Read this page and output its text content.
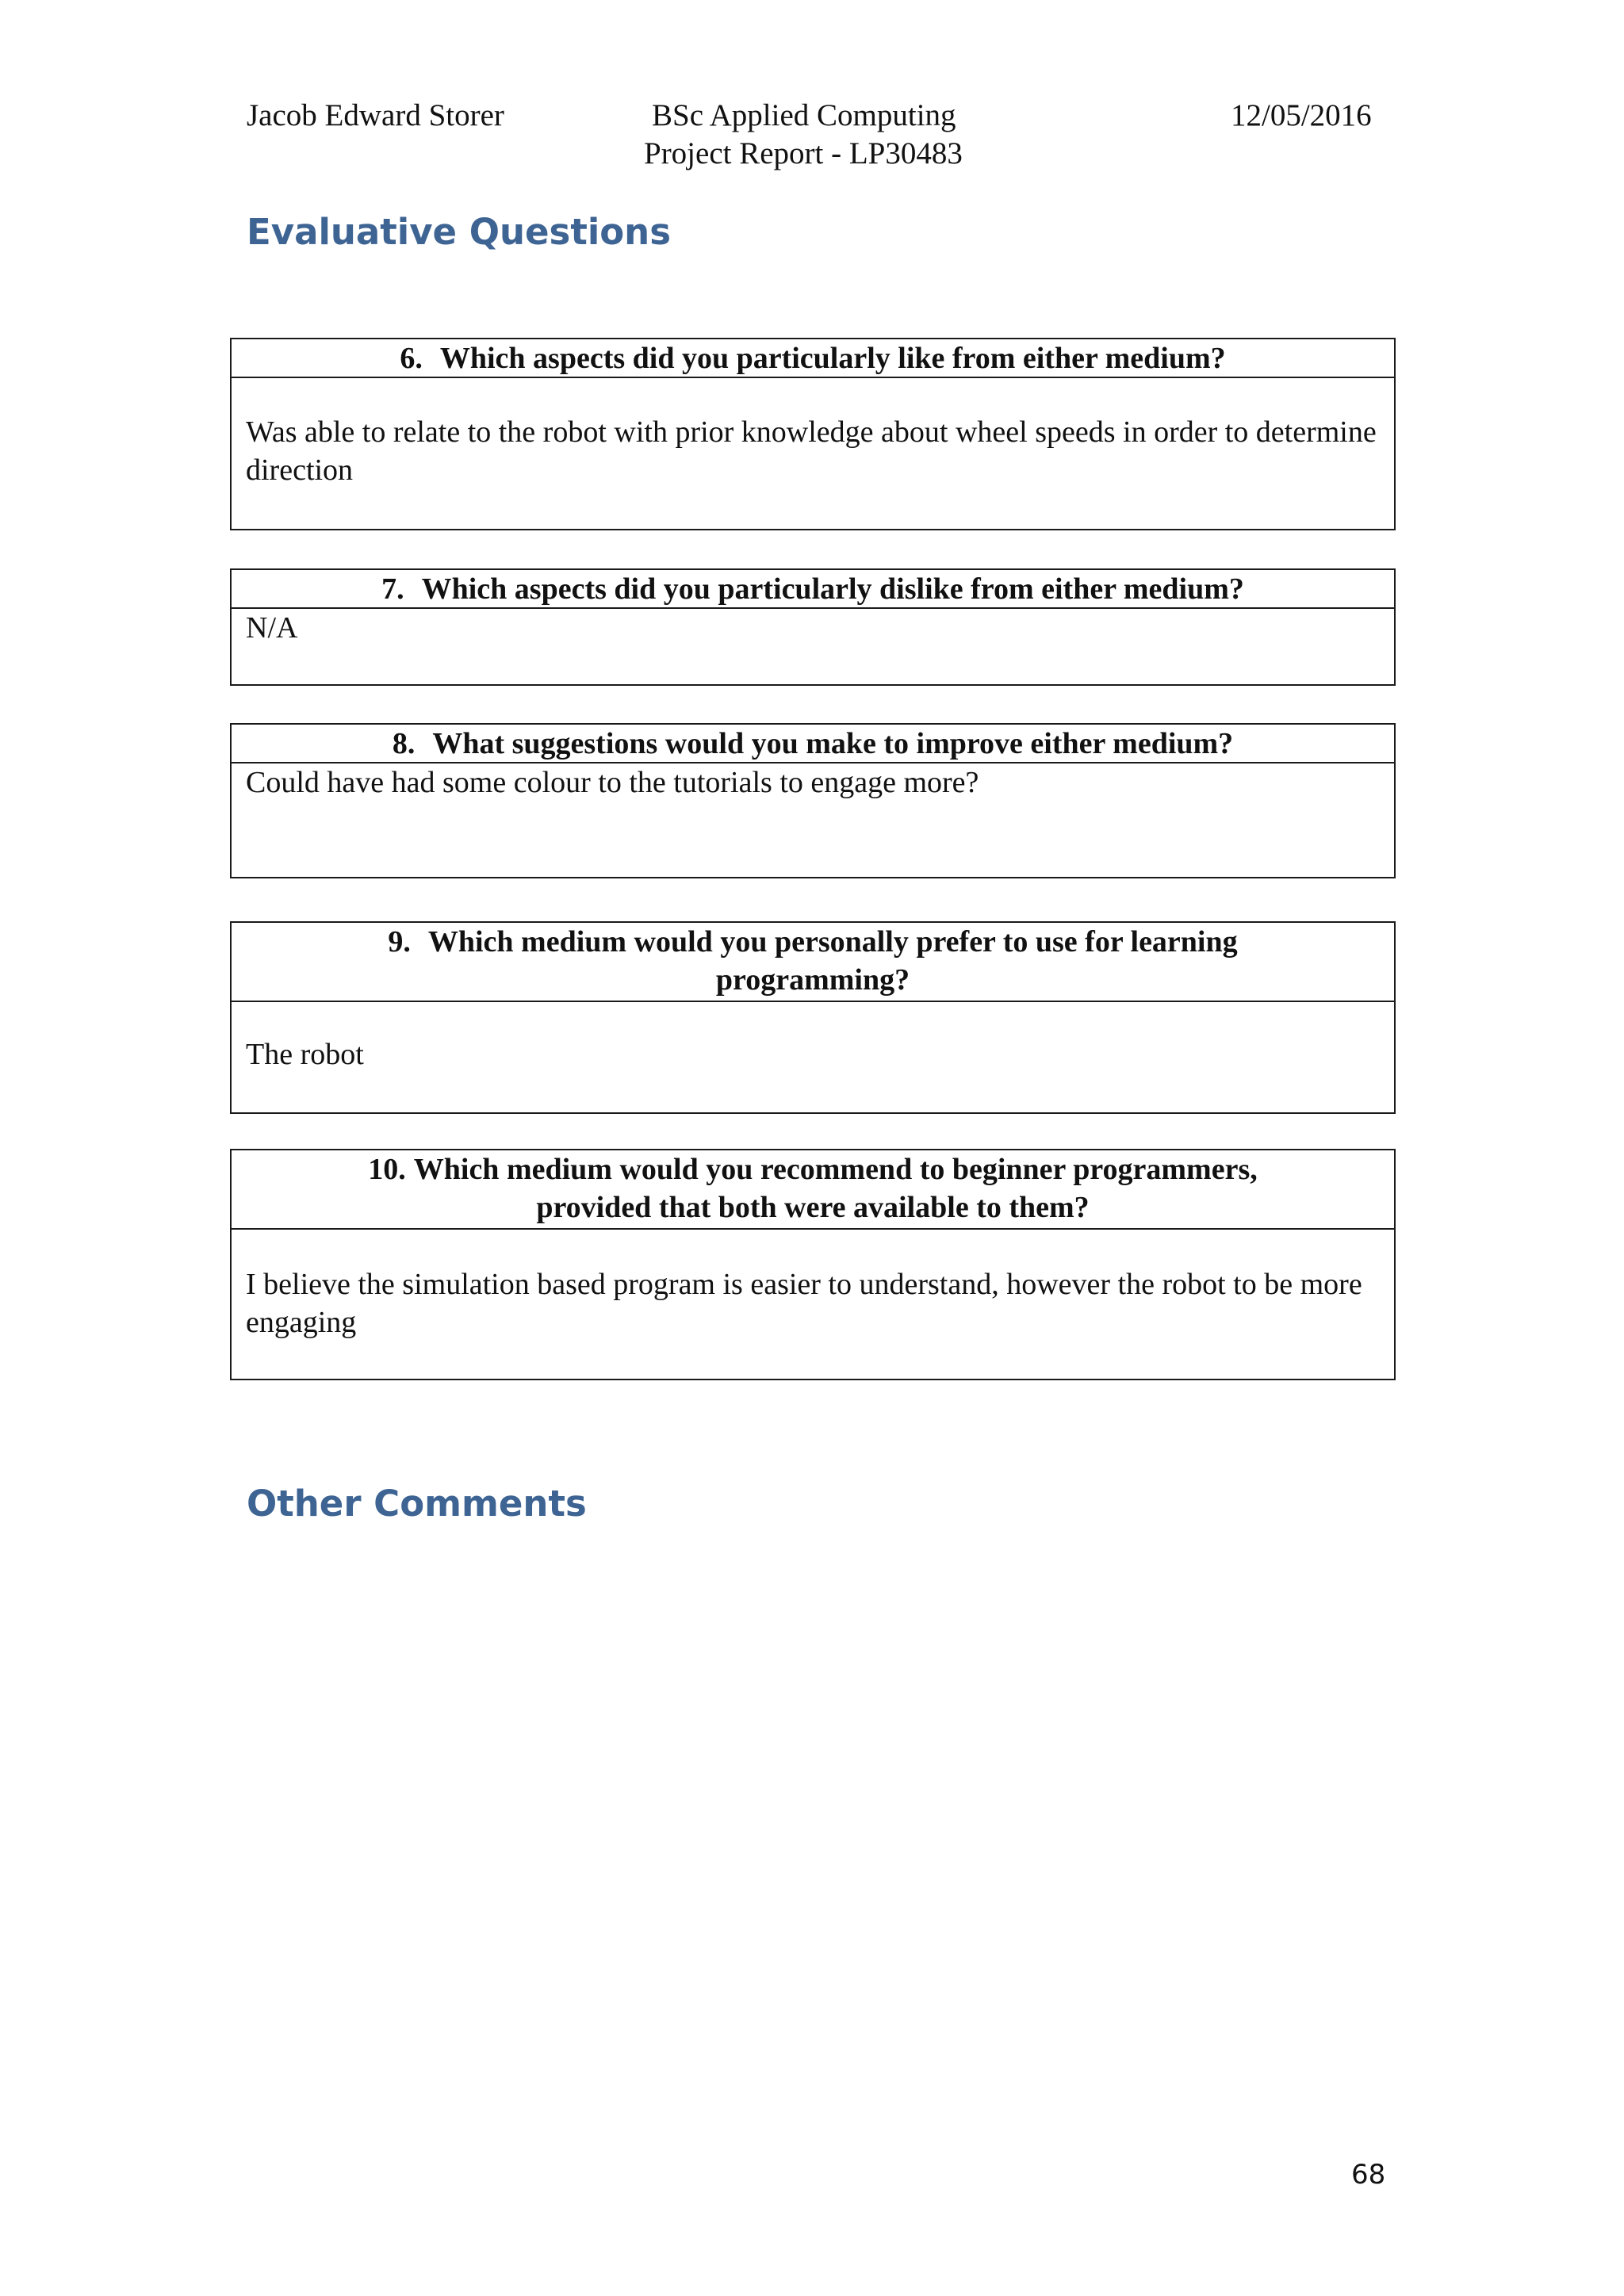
Jacob Edward Storer	BSc Applied Computing
Project Report - LP30483
12/05/2016
Evaluative Questions
6. Which aspects did you particularly like from either medium?
Was able to relate to the robot with prior knowledge about wheel speeds in order to determine direction
7. Which aspects did you particularly dislike from either medium?
N/A
8. What suggestions would you make to improve either medium?
Could have had some colour to the tutorials to engage more?
9. Which medium would you personally prefer to use for learning programming?
The robot
10. Which medium would you recommend to beginner programmers, provided that both were available to them?
I believe the simulation based program is easier to understand, however the robot to be more engaging
Other Comments
68
